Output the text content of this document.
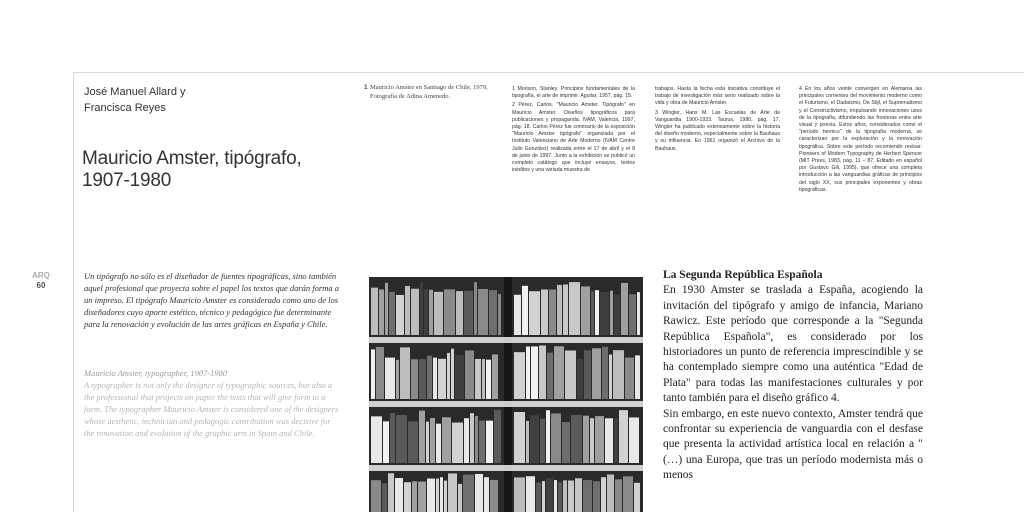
José Manuel Allard y
Francisca Reyes
Mauricio Amster, tipógrafo,
1907-1980
1 Mauricio Amster en Santiago de Chile, 1979, Fotografía de Adina Amenedo.

1 Morison, Stanley. Principios fundamentales de la tipografía, el arte de imprimir. Aguilar, 1957, pág. 15.

2 Pérez, Carlos. "Mauricio Amster. Tipógrafo" en Mauricio Amster. Diseños tipográficos para publicaciones y propaganda, IVAM, Valencia, 1997, pág. 18. Carlos Pérez fue comisario de la exposición "Mauricio Amster tipógrafo" organizada por el Instituto Valenciano de Arte Moderno (IVAM Centre Julio González) realizada entre el 17 de abril y el 8 de junio de 1997. Junto a la exhibición se publicó un completo catálogo que incluye ensayos, textos inéditos y una variada muestra de

trabajos. Hasta la fecha esta iniciativa constituye el trabajo de investigación más serio realizado sobre la vida y obra de Mauricio Amster.

3 Wingler, Hans M. Las Escuelas de Arte de Vanguardia 1900-1933. Taurus, 1980, pág. 17. Wingler ha publicado extensamente sobre la historia del diseño moderno, especialmente sobre la Bauhaus y su influencia. En 1961 organizó el Archivo de la Bauhaus.

4 En los años veinte convergen en Alemania las principales corrientes del movimiento moderno como el Futurismo, el Dadaísmo, De Stijl, el Suprematismo y el Constructivismo, impulsando innovaciones usos de la tipografía, difundiendo las fronteras entre arte visual y poesía. Estos años, considerados como el "período heroico" de la tipografía moderna, se caracterizan por la exploración y la innovación tipográfica. Sobre este período recomiendo revisar: Pioneers of Modern Typography de Herbert Spencer (MIT Press, 1983, pág. 11 – 87. Editado en español por Gustavo Gili, 1995), que ofrece una completa introducción a las vanguardias gráficas de principios del siglo XX, sus principales exponentes y obras tipográficas.

ARQ
60
Un tipógrafo no sólo es el diseñador de fuentes tipográficas, sino también aquel profesional que proyecta sobre el papel los textos que darán forma a un impreso. El tipógrafo Mauricio Amster es considerado como uno de los diseñadores cuyo aporte estético, técnico y pedagógico fue determinante para la renovación y evolución de las artes gráficas en España y Chile.
Mauricio Amster, typographer, 1907-1980
A typographer is not only the designer of typographic sources, but also a the professional that projects on paper the texts that will give form to a form. The typographer Mauricio Amster is considered one of the designers whose aesthetic, technician and pedagogic contribution was decisive for the renovation and evolution of the graphic arts in Spain and Chile.
La Segunda República Española

En 1930 Amster se traslada a España, acogiendo la invitación del tipógrafo y amigo de infancia, Mariano Rawicz. Este período que corresponde a la "Segunda República Española", es considerado por los historiadores un punto de referencia imprescindible y se ha contemplado siempre como una auténtica "Edad de Plata" para todas las manifestaciones culturales y por tanto también para el diseño gráfico 4.

Sin embargo, en este nuevo contexto, Amster tendrá que confrontar su experiencia de vanguardia con el desfase que presenta la actividad artística local en relación a "(…) una Europa, que tras un período modernista más o menos
